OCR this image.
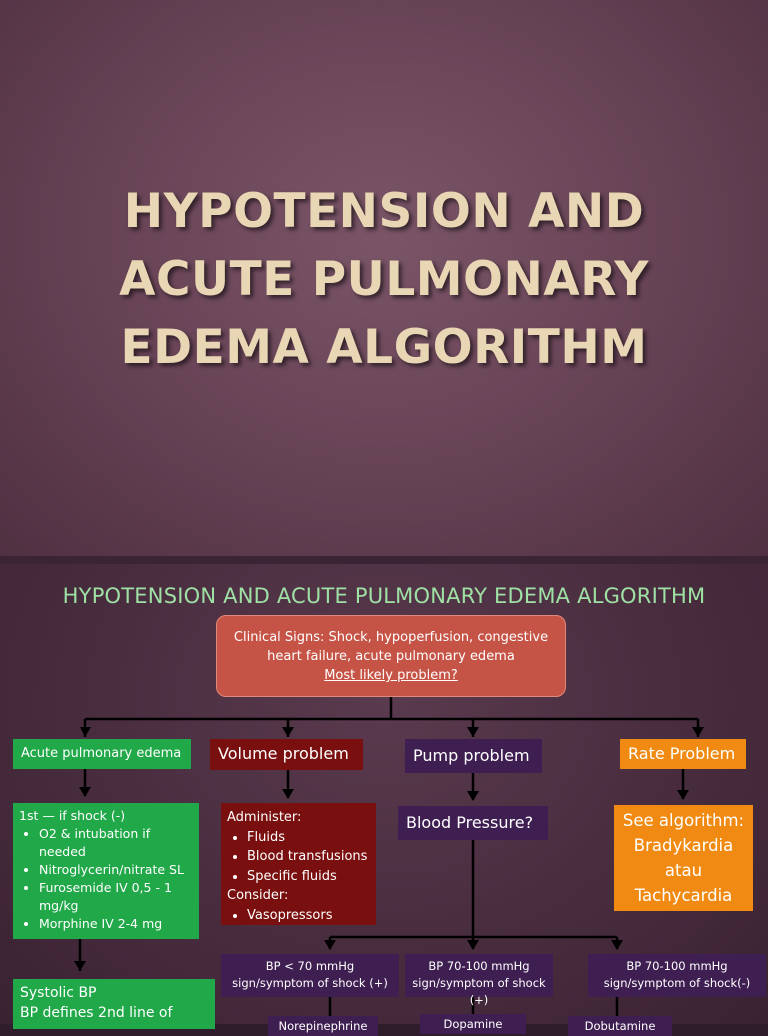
HYPOTENSION AND
ACUTE PULMONARY
EDEMA ALGORITHM
HYPOTENSION AND ACUTE PULMONARY EDEMA ALGORITHM
Clinical Signs: Shock, hypoperfusion, congestive
heart failure, acute pulmonary edema
Most likely problem?
Acute pulmonary edema	Volume problem	Pump problem	Rate Problem
1st — if shock (-)
• O2 & intubation if needed
• Nitroglycerin/nitrate SL
• Furosemide IV 0,5 - 1 mg/kg
• Morphine IV 2-4 mg
Administer:
• Fluids
• Blood transfusions
• Specific fluids
Consider:
• Vasopressors
Blood Pressure?	See algorithm:
Bradykardia
atau
Tachycardia
Systolic BP
BP defines 2nd line of
BP < 70 mmHg
sign/symptom of shock (+)
BP 70-100 mmHg
sign/symptom of shock (+)
BP 70-100 mmHg
sign/symptom of shock(-)
Norepinephrine	Dopamine	Dobutamine
